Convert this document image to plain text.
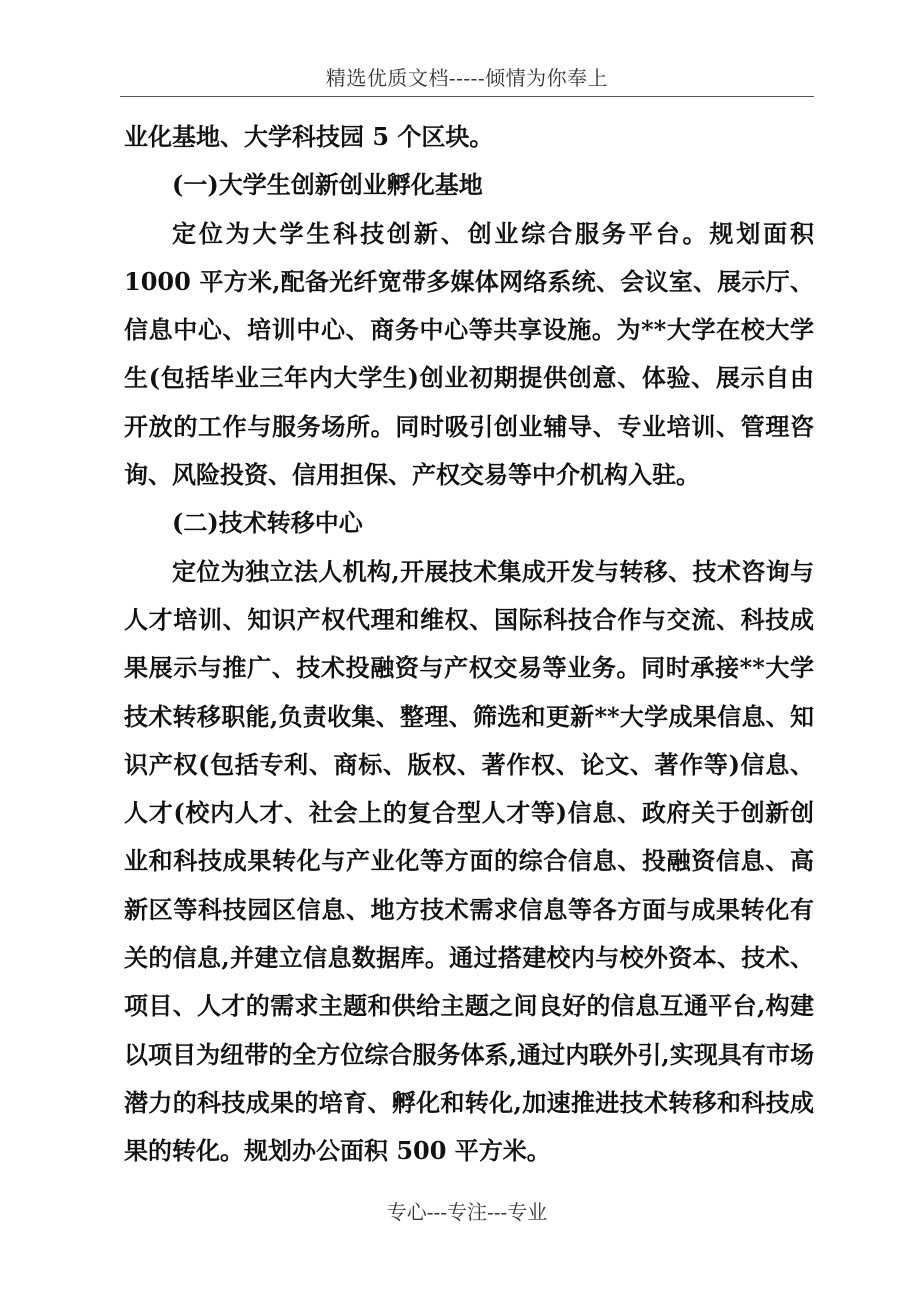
精选优质文档-----倾情为你奉上

业化基地、大学科技园 5 个区块。

(一)大学生创新创业孵化基地

定位为大学生科技创新、创业综合服务平台。规划面积 1000 平方米,配备光纤宽带多媒体网络系统、会议室、展示厅、信息中心、培训中心、商务中心等共享设施。为**大学在校大学生(包括毕业三年内大学生)创业初期提供创意、体验、展示自由开放的工作与服务场所。同时吸引创业辅导、专业培训、管理咨询、风险投资、信用担保、产权交易等中介机构入驻。

(二)技术转移中心

定位为独立法人机构,开展技术集成开发与转移、技术咨询与人才培训、知识产权代理和维权、国际科技合作与交流、科技成果展示与推广、技术投融资与产权交易等业务。同时承接**大学技术转移职能,负责收集、整理、筛选和更新**大学成果信息、知识产权(包括专利、商标、版权、著作权、论文、著作等)信息、人才(校内人才、社会上的复合型人才等)信息、政府关于创新创业和科技成果转化与产业化等方面的综合信息、投融资信息、高新区等科技园区信息、地方技术需求信息等各方面与成果转化有关的信息,并建立信息数据库。通过搭建校内与校外资本、技术、项目、人才的需求主题和供给主题之间良好的信息互通平台,构建以项目为纽带的全方位综合服务体系,通过内联外引,实现具有市场潜力的科技成果的培育、孵化和转化,加速推进技术转移和科技成果的转化。规划办公面积 500 平方米。

专心---专注---专业
